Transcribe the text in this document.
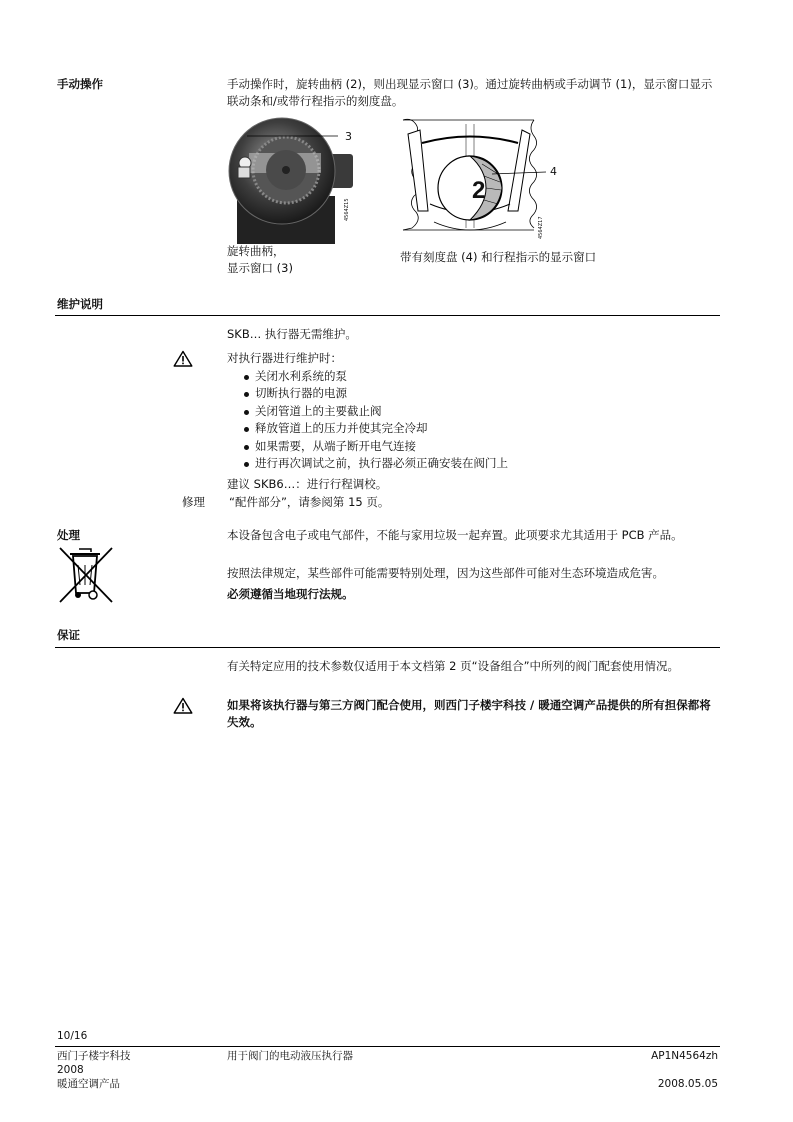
手动操作	手动操作时，旋转曲柄 (2)，则出现显示窗口 (3)。通过旋转曲柄或手动调节 (1)，显示窗口显示联动条和/或带行程指示的刻度盘。
3
4564Z15
旋转曲柄，
显示窗口 (3)
2
4
4564Z17
带有刻度盘 (4) 和行程指示的显示窗口
维护说明
SKB… 执行器无需维护。
对执行器进行维护时：
关闭水利系统的泵
切断执行器的电源
关闭管道上的主要截止阀
释放管道上的压力并使其完全冷却
如果需要，从端子断开电气连接
进行再次调试之前，执行器必须正确安装在阀门上
建议 SKB6…：进行行程调校。
修理 “配件部分”，请参阅第 15 页。
处理	本设备包含电子或电气部件，不能与家用垃圾一起弃置。此项要求尤其适用于 PCB 产品。
按照法律规定，某些部件可能需要特别处理，因为这些部件可能对生态环境造成危害。
必须遵循当地现行法规。
保证
有关特定应用的技术参数仅适用于本文档第 2 页“设备组合”中所列的阀门配套使用情况。
如果将该执行器与第三方阀门配合使用，则西门子楼宇科技 / 暖通空调产品提供的所有担保都将失效。
10/16
西门子楼宇科技
2008
暖通空调产品
用于阀门的电动液压执行器	AP1N4564zh
2008.05.05
